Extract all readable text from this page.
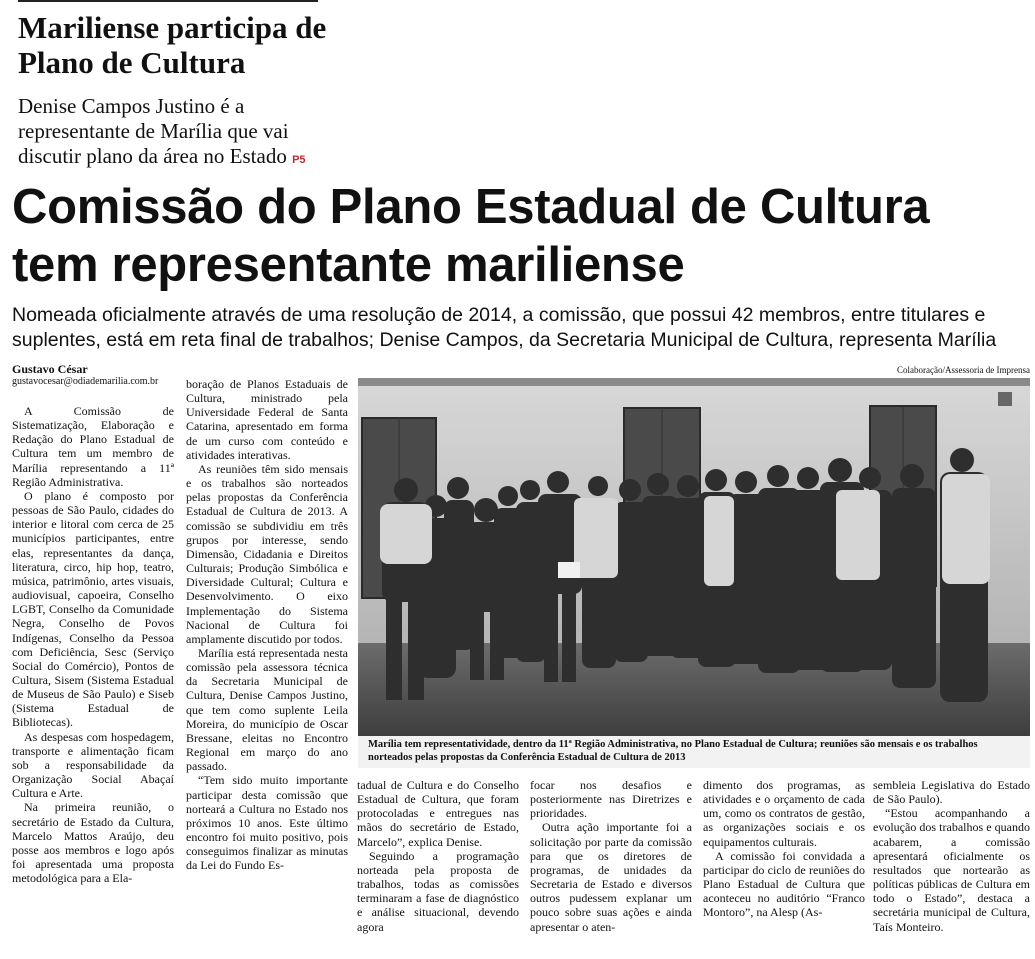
Mariliense participa de Plano de Cultura

Denise Campos Justino é a representante de Marília que vai discutir plano da área no Estado P5

Comissão do Plano Estadual de Cultura tem representante mariliense

Nomeada oficialmente através de uma resolução de 2014, a comissão, que possui 42 membros, entre titulares e suplentes, está em reta final de trabalhos; Denise Campos, da Secretaria Municipal de Cultura, representa Marília

Gustavo César
gustavocesar@odiademarilia.com.br
Colaboração/Assessoria de Imprensa

A Comissão de Sistematização, Elaboração e Redação do Plano Estadual de Cultura tem um membro de Marília representando a 11ª Região Administrativa.

O plano é composto por pessoas de São Paulo, cidades do interior e litoral com cerca de 25 municípios participantes, entre elas, representantes da dança, literatura, circo, hip hop, teatro, música, patrimônio, artes visuais, audiovisual, capoeira, Conselho LGBT, Conselho da Comunidade Negra, Conselho de Povos Indígenas, Conselho da Pessoa com Deficiência, Sesc (Serviço Social do Comércio), Pontos de Cultura, Sisem (Sistema Estadual de Museus de São Paulo) e Siseb (Sistema Estadual de Bibliotecas).

As despesas com hospedagem, transporte e alimentação ficam sob a responsabilidade da Organização Social Abaçaí Cultura e Arte.

Na primeira reunião, o secretário de Estado da Cultura, Marcelo Mattos Araújo, deu posse aos membros e logo após foi apresentada uma proposta metodológica para a Ela-

boração de Planos Estaduais de Cultura, ministrado pela Universidade Federal de Santa Catarina, apresentado em forma de um curso com conteúdo e atividades interativas.

As reuniões têm sido mensais e os trabalhos são norteados pelas propostas da Conferência Estadual de Cultura de 2013. A comissão se subdividiu em três grupos por interesse, sendo Dimensão, Cidadania e Direitos Culturais; Produção Simbólica e Diversidade Cultural; Cultura e Desenvolvimento. O eixo Implementação do Sistema Nacional de Cultura foi amplamente discutido por todos.

Marília está representada nesta comissão pela assessora técnica da Secretaria Municipal de Cultura, Denise Campos Justino, que tem como suplente Leila Moreira, do município de Oscar Bressane, eleitas no Encontro Regional em março do ano passado.

“Tem sido muito importante participar desta comissão que norteará a Cultura no Estado nos próximos 10 anos. Este último encontro foi muito positivo, pois conseguimos finalizar as minutas da Lei do Fundo Es-

Marília tem representatividade, dentro da 11ª Região Administrativa, no Plano Estadual de Cultura; reuniões são mensais e os trabalhos norteados pelas propostas da Conferência Estadual de Cultura de 2013

tadual de Cultura e do Conselho Estadual de Cultura, que foram protocoladas e entregues nas mãos do secretário de Estado, Marcelo”, explica Denise.

Seguindo a programação norteada pela proposta de trabalhos, todas as comissões terminaram a fase de diagnóstico e análise situacional, devendo agora

focar nos desafios e posteriormente nas Diretrizes e prioridades.

Outra ação importante foi a solicitação por parte da comissão para que os diretores de programas, de unidades da Secretaria de Estado e diversos outros pudessem explanar um pouco sobre suas ações e ainda apresentar o aten-

dimento dos programas, as atividades e o orçamento de cada um, como os contratos de gestão, as organizações sociais e os equipamentos culturais.

A comissão foi convidada a participar do ciclo de reuniões do Plano Estadual de Cultura que aconteceu no auditório “Franco Montoro”, na Alesp (As-

sembleia Legislativa do Estado de São Paulo).

“Estou acompanhando a evolução dos trabalhos e quando acabarem, a comissão apresentará oficialmente os resultados que nortearão as políticas públicas de Cultura em todo o Estado”, destaca a secretária municipal de Cultura, Taís Monteiro.
